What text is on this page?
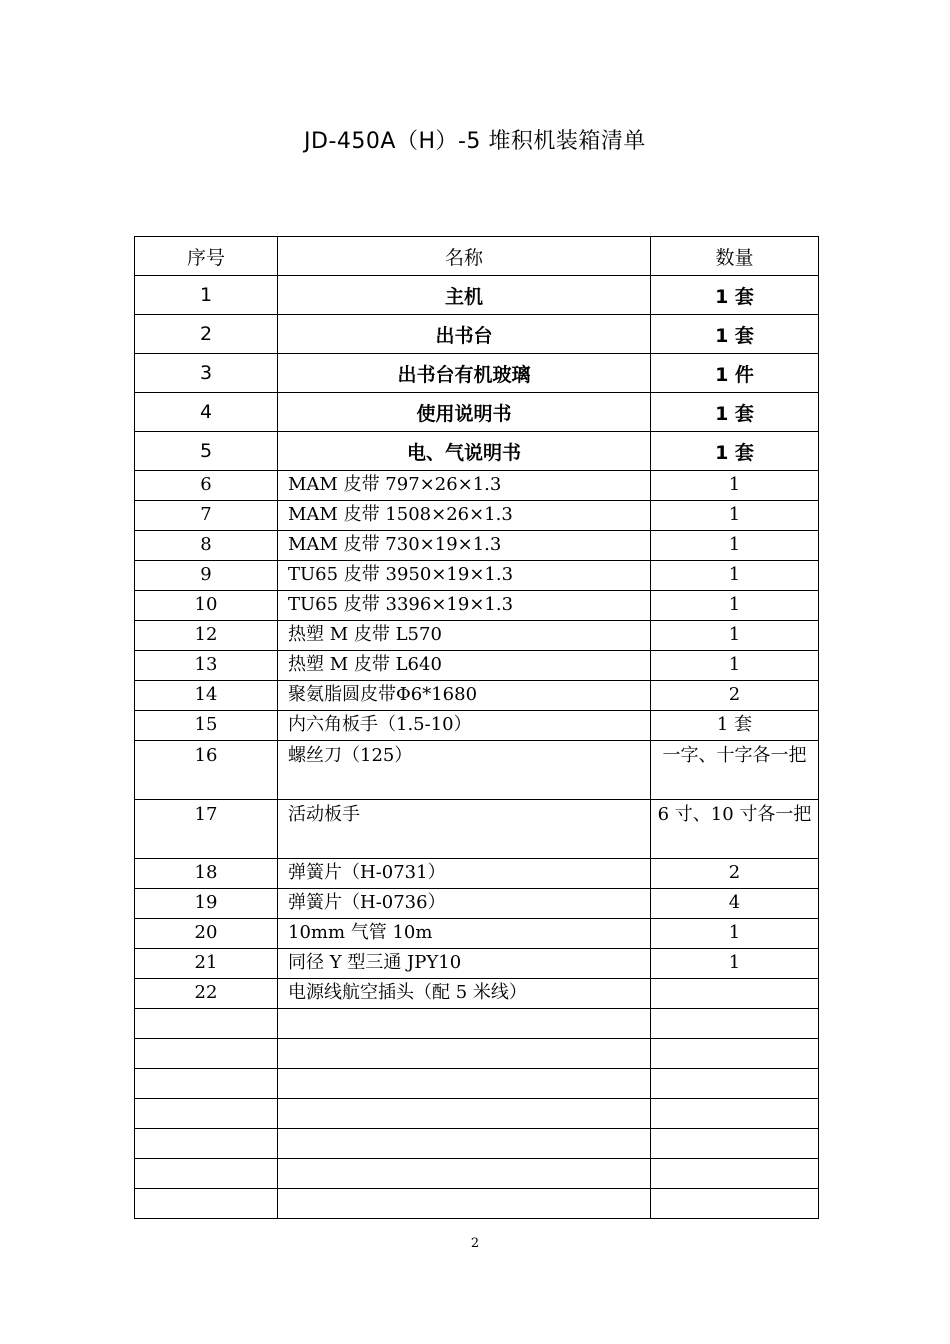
JD-450A（H）-5 堆积机装箱清单
序号	名称	数量
1	主机	1 套
2	出书台	1 套
3	出书台有机玻璃	1 件
4	使用说明书	1 套
5	电、气说明书	1 套
6	MAM 皮带 797×26×1.3	1
7	MAM 皮带 1508×26×1.3	1
8	MAM 皮带 730×19×1.3	1
9	TU65 皮带 3950×19×1.3	1
10	TU65 皮带 3396×19×1.3	1
12	热塑 M 皮带 L570	1
13	热塑 M 皮带 L640	1
14	聚氨脂圆皮带Φ6*1680	2
15	内六角板手（1.5-10）	1 套
16	螺丝刀（125）	一字、十字各一把
17	活动板手	6 寸、10 寸各一把
18	弹簧片（H-0731）	2
19	弹簧片（H-0736）	4
20	10mm 气管 10m	1
21	同径 Y 型三通 JPY10	1
22	电源线航空插头（配 5 米线）	

2
